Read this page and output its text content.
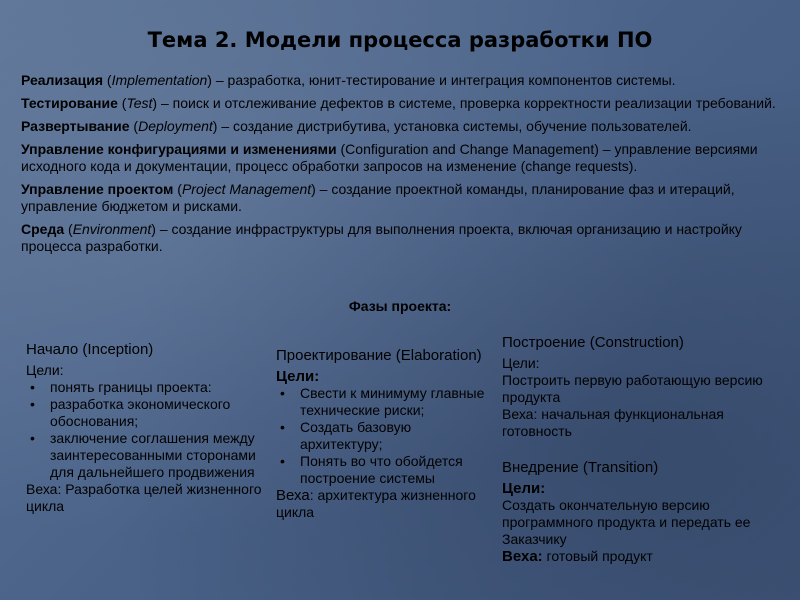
Тема 2. Модели процесса разработки ПО
Реализация (Implementation) – разработка, юнит-тестирование и интеграция компонентов системы.
Тестирование (Test) – поиск и отслеживание дефектов в системе, проверка корректности реализации требований.
Развертывание (Deployment) – создание дистрибутива, установка системы, обучение пользователей.
Управление конфигурациями и изменениями (Configuration and Change Management) – управление версиями исходного кода и документации, процесс обработки запросов на изменение (change requests).
Управление проектом (Project Management) – создание проектной команды, планирование фаз и итераций, управление бюджетом и рисками.
Среда (Environment) – создание инфраструктуры для выполнения проекта, включая организацию и настройку процесса разработки.
Фазы проекта:
Начало (Inception)
Цели:
• понять границы проекта:
• разработка экономического обоснования;
• заключение соглашения между заинтересованными сторонами для дальнейшего продвижения
Веха: Разработка целей жизненного цикла
Проектирование (Elaboration)
Цели:
• Свести к минимуму главные технические риски;
• Создать базовую архитектуру;
• Понять во что обойдется построение системы
Веха: архитектура жизненного цикла
Построение (Construction)
Цели:
Построить первую работающую версию продукта
Веха: начальная функциональная готовность
Внедрение (Transition)
Цели:
Создать окончательную версию программного продукта и передать ее Заказчику
Веха: готовый продукт
